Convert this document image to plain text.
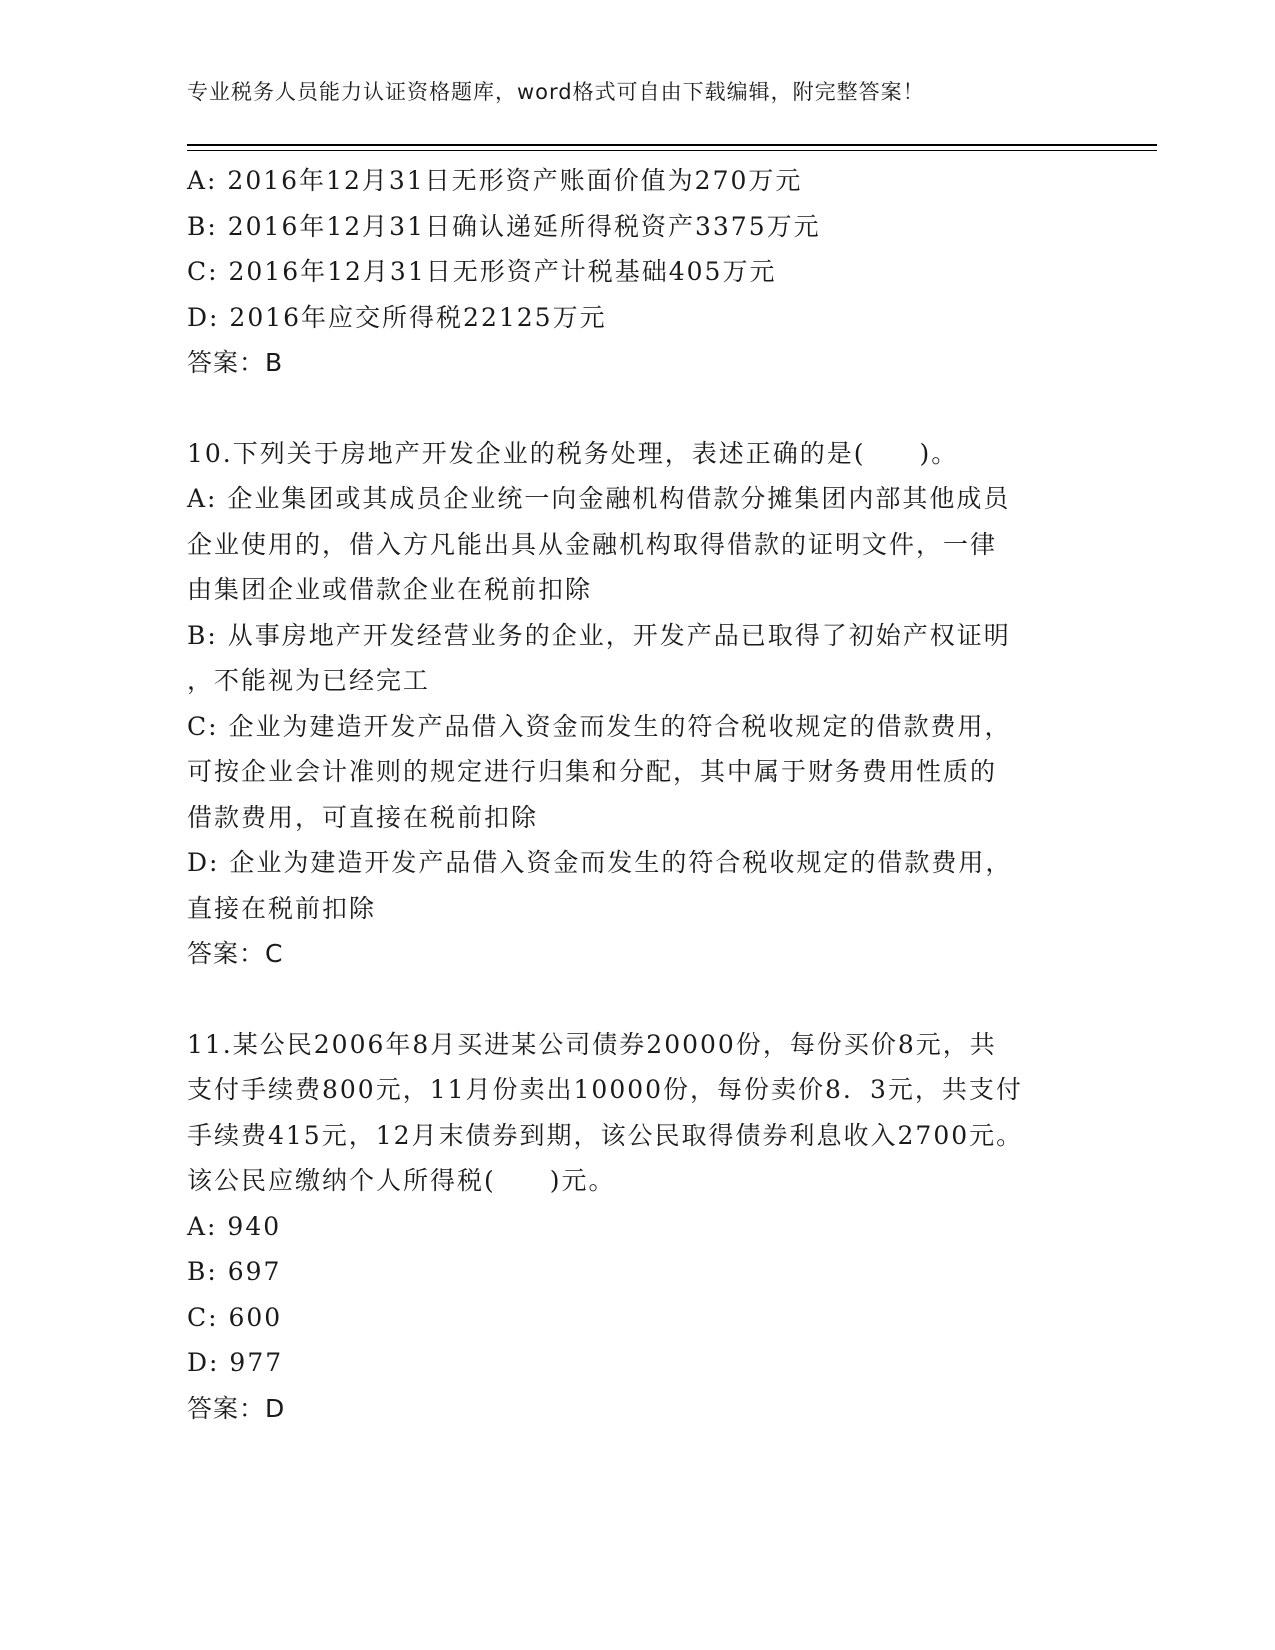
专业税务人员能力认证资格题库，word格式可自由下载编辑，附完整答案！

A: 2016年12月31日无形资产账面价值为270万元

B: 2016年12月31日确认递延所得税资产3375万元

C: 2016年12月31日无形资产计税基础405万元

D: 2016年应交所得税22125万元

答案：B

10.下列关于房地产开发企业的税务处理，表述正确的是(　　)。

A: 企业集团或其成员企业统一向金融机构借款分摊集团内部其他成员

企业使用的，借入方凡能出具从金融机构取得借款的证明文件，一律

由集团企业或借款企业在税前扣除

B: 从事房地产开发经营业务的企业，开发产品已取得了初始产权证明

，不能视为已经完工

C: 企业为建造开发产品借入资金而发生的符合税收规定的借款费用，

可按企业会计准则的规定进行归集和分配，其中属于财务费用性质的

借款费用，可直接在税前扣除

D: 企业为建造开发产品借入资金而发生的符合税收规定的借款费用，

直接在税前扣除

答案：C

11.某公民2006年8月买进某公司债券20000份，每份买价8元，共

支付手续费800元，11月份卖出10000份，每份卖价8．3元，共支付

手续费415元，12月末债券到期，该公民取得债券利息收入2700元。

该公民应缴纳个人所得税(　　)元。

A: 940

B: 697

C: 600

D: 977

答案：D
